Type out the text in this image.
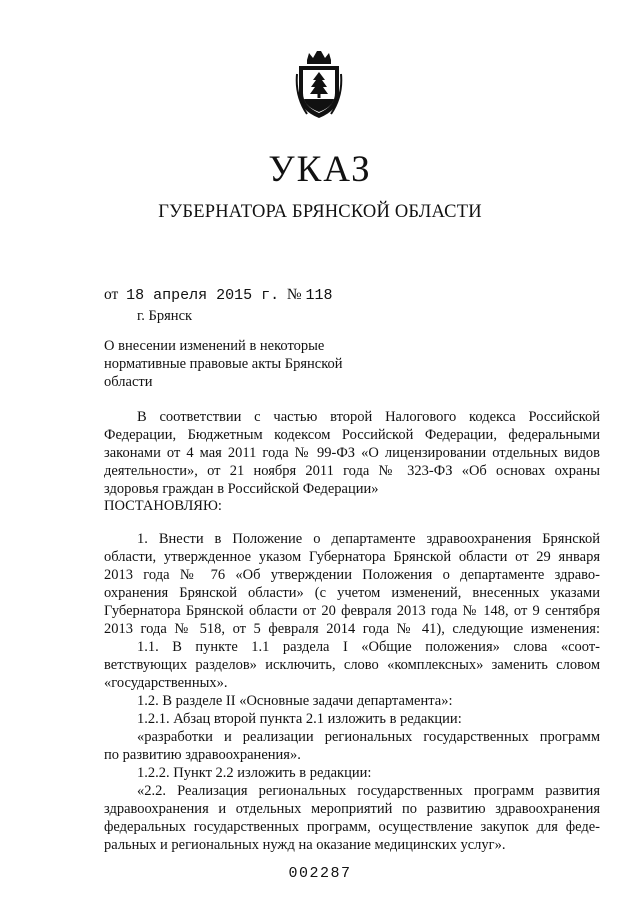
УКАЗ
ГУБЕРНАТОРА БРЯНСКОЙ ОБЛАСТИ
от 18 апреля 2015 г. № 118
г. Брянск
О внесении изменений в некоторые
нормативные правовые акты Брянской
области
В соответствии с частью второй Налогового кодекса Российской
Федерации, Бюджетным кодексом Российской Федерации, федеральными
законами от 4 мая 2011 года № 99-ФЗ «О лицензировании отдельных видов
деятельности», от 21 ноября 2011 года № 323-ФЗ «Об основах охраны
здоровья граждан в Российской Федерации»
ПОСТАНОВЛЯЮ:
1. Внести в Положение о департаменте здравоохранения Брянской
области, утвержденное указом Губернатора Брянской области от 29 января
2013 года № 76 «Об утверждении Положения о департаменте здраво-
охранения Брянской области» (с учетом изменений, внесенных указами
Губернатора Брянской области от 20 февраля 2013 года № 148, от 9 сентября
2013 года № 518, от 5 февраля 2014 года № 41), следующие изменения:
1.1. В пункте 1.1 раздела I «Общие положения» слова «соот-
ветствующих разделов» исключить, слово «комплексных» заменить словом
«государственных».
1.2. В разделе II «Основные задачи департамента»:
1.2.1. Абзац второй пункта 2.1 изложить в редакции:
«разработки и реализации региональных государственных программ
по развитию здравоохранения».
1.2.2. Пункт 2.2 изложить в редакции:
«2.2. Реализация региональных государственных программ развития
здравоохранения и отдельных мероприятий по развитию здравоохранения
федеральных государственных программ, осуществление закупок для феде-
ральных и региональных нужд на оказание медицинских услуг».
002287
